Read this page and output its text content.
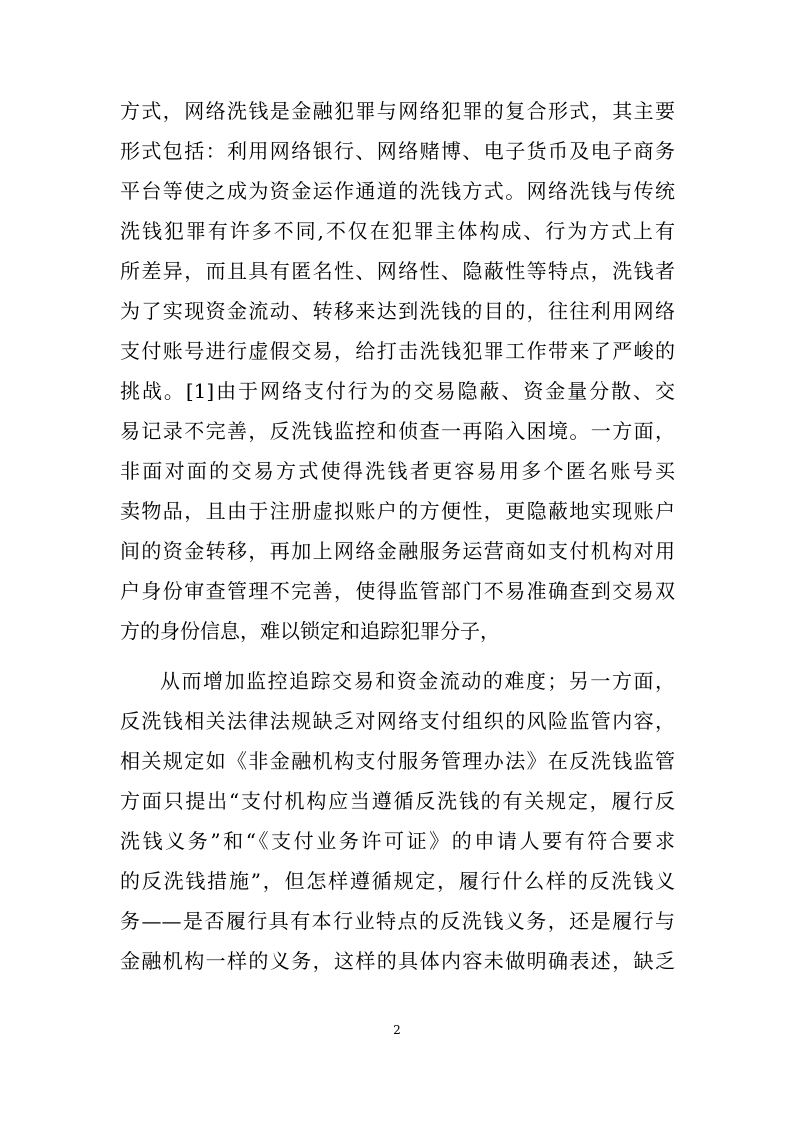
方式，网络洗钱是金融犯罪与网络犯罪的复合形式，其主要
形式包括：利用网络银行、网络赌博、电子货币及电子商务
平台等使之成为资金运作通道的洗钱方式。网络洗钱与传统
洗钱犯罪有许多不同,不仅在犯罪主体构成、行为方式上有
所差异，而且具有匿名性、网络性、隐蔽性等特点，洗钱者
为了实现资金流动、转移来达到洗钱的目的，往往利用网络
支付账号进行虚假交易，给打击洗钱犯罪工作带来了严峻的
挑战。[1]由于网络支付行为的交易隐蔽、资金量分散、交
易记录不完善，反洗钱监控和侦查一再陷入困境。一方面，
非面对面的交易方式使得洗钱者更容易用多个匿名账号买
卖物品，且由于注册虚拟账户的方便性，更隐蔽地实现账户
间的资金转移，再加上网络金融服务运营商如支付机构对用
户身份审查管理不完善，使得监管部门不易准确查到交易双
方的身份信息，难以锁定和追踪犯罪分子，
从而增加监控追踪交易和资金流动的难度；另一方面，
反洗钱相关法律法规缺乏对网络支付组织的风险监管内容，
相关规定如《非金融机构支付服务管理办法》在反洗钱监管
方面只提出“支付机构应当遵循反洗钱的有关规定，履行反
洗钱义务”和“《支付业务许可证》的申请人要有符合要求
的反洗钱措施”，但怎样遵循规定，履行什么样的反洗钱义
务——是否履行具有本行业特点的反洗钱义务，还是履行与
金融机构一样的义务，这样的具体内容未做明确表述，缺乏
2
